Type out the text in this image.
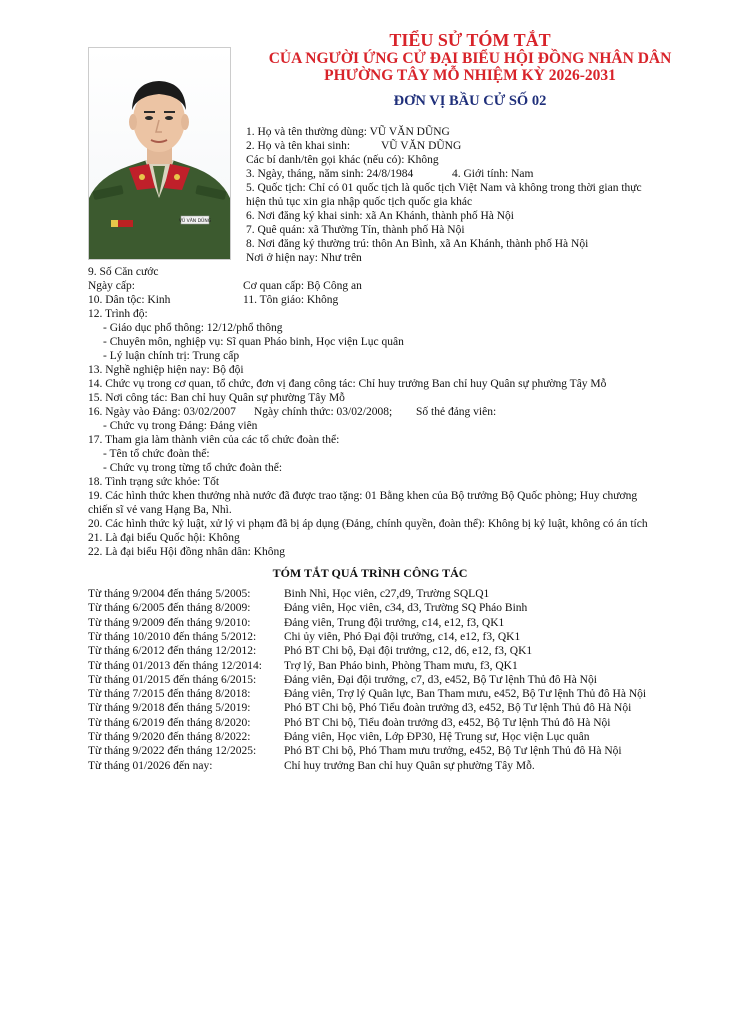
TIỂU SỬ TÓM TẮT
CỦA NGƯỜI ỨNG CỬ ĐẠI BIỂU HỘI ĐỒNG NHÂN DÂN
PHƯỜNG TÂY MỖ NHIỆM KỲ 2026-2031
ĐƠN VỊ BẦU CỬ SỐ 02
VŨ VĂN DŨNG
1. Họ và tên thường dùng: VŨ VĂN DŨNG
2. Họ và tên khai sinh:	VŨ VĂN DŨNG
Các bí danh/tên gọi khác (nếu có): Không
3. Ngày, tháng, năm sinh: 24/8/1984	4. Giới tính: Nam
5. Quốc tịch: Chỉ có 01 quốc tịch là quốc tịch Việt Nam và không trong thời gian thực
hiện thủ tục xin gia nhập quốc tịch quốc gia khác
6. Nơi đăng ký khai sinh: xã An Khánh, thành phố Hà Nội
7. Quê quán: xã Thường Tín, thành phố Hà Nội
8. Nơi đăng ký thường trú: thôn An Bình, xã An Khánh, thành phố Hà Nội
Nơi ở hiện nay: Như trên
9. Số Căn cước
Ngày cấp:	Cơ quan cấp: Bộ Công an
10. Dân tộc: Kinh	11. Tôn giáo: Không
12. Trình độ:
- Giáo dục phổ thông: 12/12/phổ thông
- Chuyên môn, nghiệp vụ: Sĩ quan Pháo binh, Học viện Lục quân
- Lý luận chính trị: Trung cấp
13. Nghề nghiệp hiện nay: Bộ đội
14. Chức vụ trong cơ quan, tổ chức, đơn vị đang công tác: Chỉ huy trưởng Ban chỉ huy Quân sự phường Tây Mỗ
15. Nơi công tác: Ban chỉ huy Quân sự phường Tây Mỗ
16. Ngày vào Đảng: 03/02/2007 Ngày chính thức: 03/02/2008; Số thẻ đảng viên:
- Chức vụ trong Đảng: Đảng viên
17. Tham gia làm thành viên của các tổ chức đoàn thể:
- Tên tổ chức đoàn thể:
- Chức vụ trong từng tổ chức đoàn thể:
18. Tình trạng sức khỏe: Tốt
19. Các hình thức khen thưởng nhà nước đã được trao tặng: 01 Bằng khen của Bộ trưởng Bộ Quốc phòng; Huy chương
chiến sĩ vẻ vang Hạng Ba, Nhì.
20. Các hình thức kỷ luật, xử lý vi phạm đã bị áp dụng (Đảng, chính quyền, đoàn thể): Không bị kỷ luật, không có án tích
21. Là đại biểu Quốc hội: Không
22. Là đại biểu Hội đồng nhân dân: Không
TÓM TẮT QUÁ TRÌNH CÔNG TÁC
Từ tháng 9/2004 đến tháng 5/2005:	Binh Nhì, Học viên, c27,d9, Trường SQLQ1
Từ tháng 6/2005 đến tháng 8/2009:	Đảng viên, Học viên, c34, d3, Trường SQ Pháo Binh
Từ tháng 9/2009 đến tháng 9/2010:	Đảng viên, Trung đội trưởng, c14, e12, f3, QK1
Từ tháng 10/2010 đến tháng 5/2012: Chi ủy viên, Phó Đại đội trưởng, c14, e12, f3, QK1
Từ tháng 6/2012 đến tháng 12/2012: Phó BT Chi bộ, Đại đội trưởng, c12, d6, e12, f3, QK1
Từ tháng 01/2013 đến tháng 12/2014: Trợ lý, Ban Pháo binh, Phòng Tham mưu, f3, QK1
Từ tháng 01/2015 đến tháng 6/2015: Đảng viên, Đại đội trưởng, c7, d3, e452, Bộ Tư lệnh Thủ đô Hà Nội
Từ tháng 7/2015 đến tháng 8/2018:	Đảng viên, Trợ lý Quân lực, Ban Tham mưu, e452, Bộ Tư lệnh Thủ đô Hà Nội
Từ tháng 9/2018 đến tháng 5/2019:	Phó BT Chi bộ, Phó Tiểu đoàn trưởng d3, e452, Bộ Tư lệnh Thủ đô Hà Nội
Từ tháng 6/2019 đến tháng 8/2020:	Phó BT Chi bộ, Tiểu đoàn trưởng d3, e452, Bộ Tư lệnh Thủ đô Hà Nội
Từ tháng 9/2020 đến tháng 8/2022:	Đảng viên, Học viên, Lớp ĐP30, Hệ Trung sư, Học viện Lục quân
Từ tháng 9/2022 đến tháng 12/2025: Phó BT Chi bộ, Phó Tham mưu trưởng, e452, Bộ Tư lệnh Thủ đô Hà Nội
Từ tháng 01/2026 đến nay:	Chỉ huy trưởng Ban chỉ huy Quân sự phường Tây Mỗ.
